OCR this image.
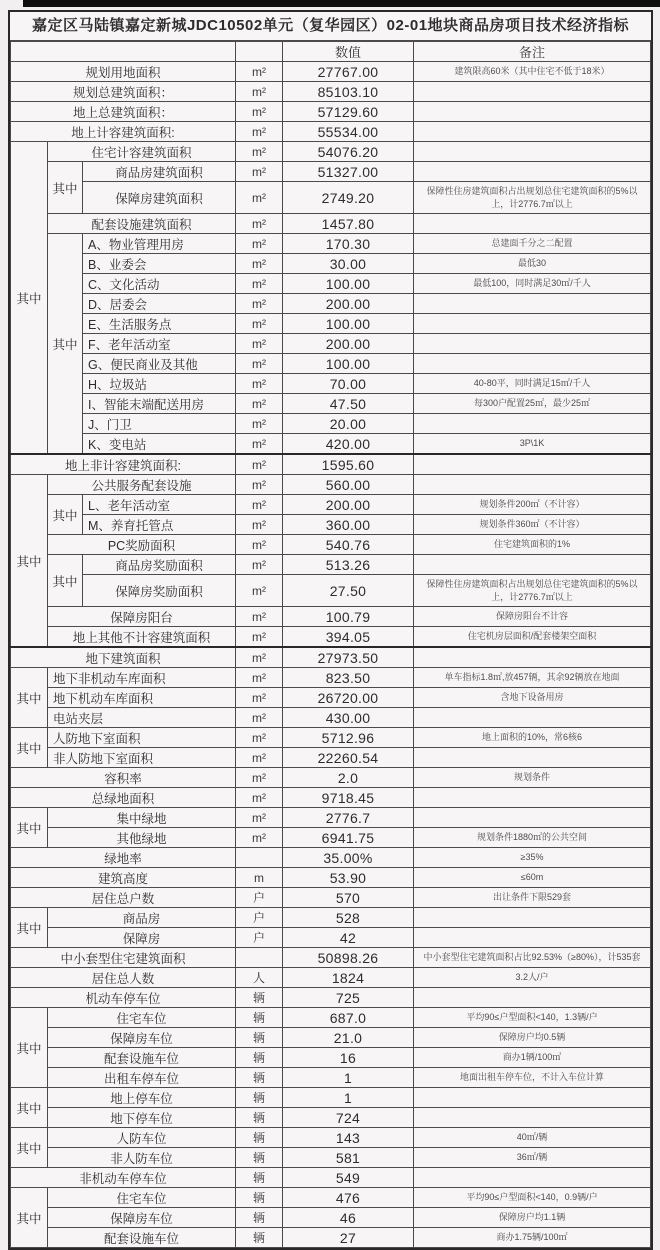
嘉定区马陆镇嘉定新城JDC10502单元（复华园区）02-01地块商品房项目技术经济指标
				数值	备注
规划用地面积			m²	27767.00	建筑限高60米（其中住宅不低于18米）
规划总建筑面积：			m²	85103.10	
地上总建筑面积：			m²	57129.60	
地上计容建筑面积:			m²	55534.00	
其中	住宅计容建筑面积		m²	54076.20	
	其中	商品房建筑面积	m²	51327.00	
		保障房建筑面积	m²	2749.20	保障性住房建筑面积占出规划总住宅建筑面积的5%以上，计2776.7㎡以上
	配套设施建筑面积		m²	1457.80	
	其中	A、物业管理用房	m²	170.30	总建面千分之二配置
		B、业委会	m²	30.00	最低30
		C、文化活动	m²	100.00	最低100，同时满足30㎡/千人
		D、居委会	m²	200.00	
		E、生活服务点	m²	100.00	
		F、老年活动室	m²	200.00	
		G、便民商业及其他	m²	100.00	
		H、垃圾站	m²	70.00	40-80平，同时满足15㎡/千人
		I、智能末端配送用房	m²	47.50	每300户配置25㎡，最少25㎡
		J、门卫	m²	20.00	
		K、变电站	m²	420.00	3P\1K
地上非计容建筑面积:			m²	1595.60	
其中	公共服务配套设施		m²	560.00	
	其中	L、老年活动室	m²	200.00	规划条件200㎡（不计容）
		M、养育托管点	m²	360.00	规划条件360㎡（不计容）
	PC奖励面积		m²	540.76	住宅建筑面积的1%
	其中	商品房奖励面积	m²	513.26	
		保障房奖励面积	m²	27.50	保障性住房建筑面积占出规划总住宅建筑面积的5%以上，计2776.7㎡以上
	保障房阳台		m²	100.79	保障房阳台不计容
	地上其他不计容建筑面积		m²	394.05	住宅机房层面积/配套楼架空面积
地下建筑面积			m²	27973.50	
其中	地下非机动车库面积		m²	823.50	单车指标1.8㎡,放457辆，其余92辆放在地面
	地下机动车库面积		m²	26720.00	含地下设备用房
	电站夹层		m²	430.00	
其中	人防地下室面积		m²	5712.96	地上面积的10%，常6核6
	非人防地下室面积		m²	22260.54	
容积率			m²	2.0	规划条件
总绿地面积			m²	9718.45	
其中	集中绿地		m²	2776.7	
	其他绿地		m²	6941.75	规划条件1880㎡的公共空间
绿地率				35.00%	≥35%
建筑高度			m	53.90	≤60m
居住总户数			户	570	出让条件下限529套
其中	商品房		户	528	
	保障房		户	42	
中小套型住宅建筑面积				50898.26	中小套型住宅建筑面积占比92.53%（≥80%），计535套
居住总人数			人	1824	3.2人/户
机动车停车位			辆	725	
其中	住宅车位		辆	687.0	平均90≤户型面积<140，1.3辆/户
	保障房车位		辆	21.0	保障房户均0.5辆
	配套设施车位		辆	16	商办1辆/100㎡
	出租车停车位		辆	1	地面出租车停车位，不计入车位计算
其中	地上停车位		辆	1	
	地下停车位		辆	724	
其中	人防车位		辆	143	40㎡/辆
	非人防车位		辆	581	36㎡/辆
非机动车停车位			辆	549	
其中	住宅车位		辆	476	平均90≤户型面积<140，0.9辆/户
	保障房车位		辆	46	保障房户均1.1辆
	配套设施车位		辆	27	商办1.75辆/100㎡
